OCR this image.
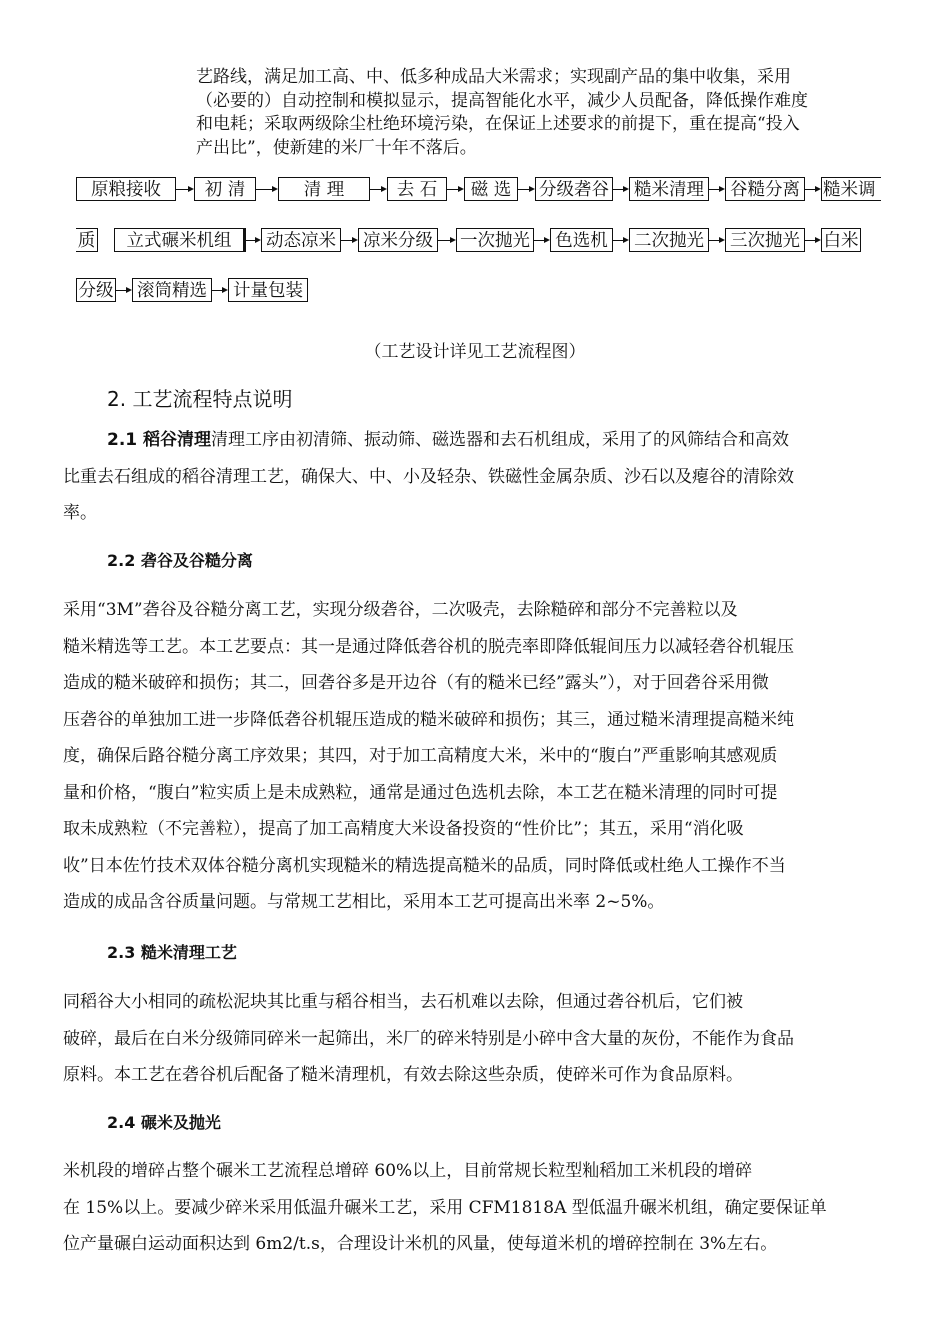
艺路线，满足加工高、中、低多种成品大米需求；实现副产品的集中收集，采用

（必要的）自动控制和模拟显示，提高智能化水平，减少人员配备，降低操作难度

和电耗；采取两级除尘杜绝环境污染，在保证上述要求的前提下，重在提高“投入

产出比”，使新建的米厂十年不落后。

原粮接收	初 清	清 理	去 石	磁 选	分级砻谷 糙米清理 谷糙分离 糙米调
质	立式碾米机组	动态凉米 凉米分级 一次抛光	色选机	二次抛光 三次抛光 白米
分级 滚筒精选 计量包装
（工艺设计详见工艺流程图）
2. 工艺流程特点说明
2.1 稻谷清理清理工序由初清筛、振动筛、磁选器和去石机组成，采用了的风筛结合和高效
比重去石组成的稻谷清理工艺，确保大、中、小及轻杂、铁磁性金属杂质、沙石以及瘪谷的清除效
率。
2.2 砻谷及谷糙分离
采用“3M”砻谷及谷糙分离工艺，实现分级砻谷，二次吸壳，去除糙碎和部分不完善粒以及
糙米精选等工艺。本工艺要点：其一是通过降低砻谷机的脱壳率即降低辊间压力以减轻砻谷机辊压
造成的糙米破碎和损伤；其二，回砻谷多是开边谷（有的糙米已经”露头”），对于回砻谷采用微
压砻谷的单独加工进一步降低砻谷机辊压造成的糙米破碎和损伤；其三，通过糙米清理提高糙米纯
度，确保后路谷糙分离工序效果；其四，对于加工高精度大米，米中的“腹白”严重影响其感观质
量和价格，“腹白”粒实质上是未成熟粒，通常是通过色选机去除，本工艺在糙米清理的同时可提
取未成熟粒（不完善粒），提高了加工高精度大米设备投资的“性价比”；其五，采用“消化吸
收”日本佐竹技术双体谷糙分离机实现糙米的精选提高糙米的品质，同时降低或杜绝人工操作不当
造成的成品含谷质量问题。与常规工艺相比，采用本工艺可提高出米率 2~5%。
2.3 糙米清理工艺
同稻谷大小相同的疏松泥块其比重与稻谷相当，去石机难以去除，但通过砻谷机后，它们被
破碎，最后在白米分级筛同碎米一起筛出，米厂的碎米特别是小碎中含大量的灰份，不能作为食品
原料。本工艺在砻谷机后配备了糙米清理机，有效去除这些杂质，使碎米可作为食品原料。
2.4 碾米及抛光
米机段的增碎占整个碾米工艺流程总增碎 60%以上，目前常规长粒型籼稻加工米机段的增碎
在 15%以上。要减少碎米采用低温升碾米工艺，采用 CFM1818A 型低温升碾米机组，确定要保证单
位产量碾白运动面积达到 6m2/t.s，合理设计米机的风量，使每道米机的增碎控制在 3%左右。
